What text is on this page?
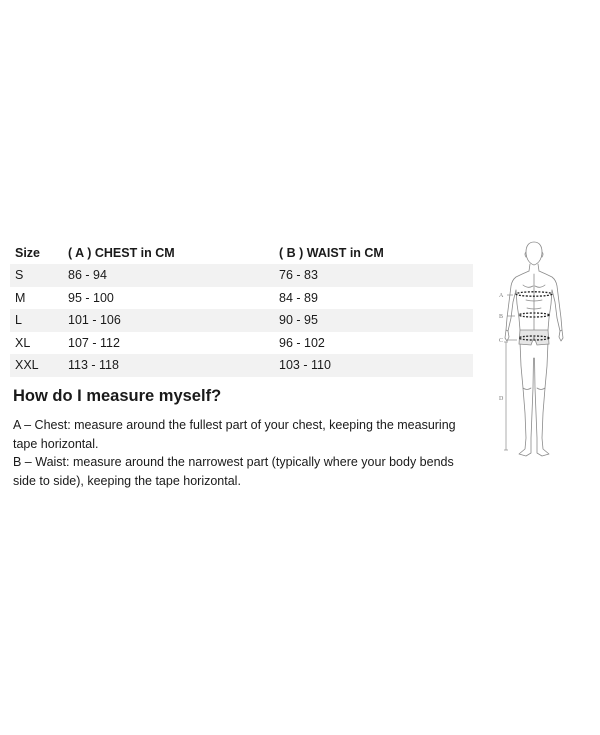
Size	( A ) CHEST in CM	( B ) WAIST in CM
S	86 - 94	76 - 83
M	95 - 100	84 - 89
L	101 - 106	90 - 95
XL	107 - 112	96 - 102
XXL	113 - 118	103 - 110
How do I measure myself?

A – Chest: measure around the fullest part of your chest, keeping the measuring tape horizontal.

B – Waist: measure around the narrowest part (typically where your body bends side to side), keeping the tape horizontal.

A
B
C
D
